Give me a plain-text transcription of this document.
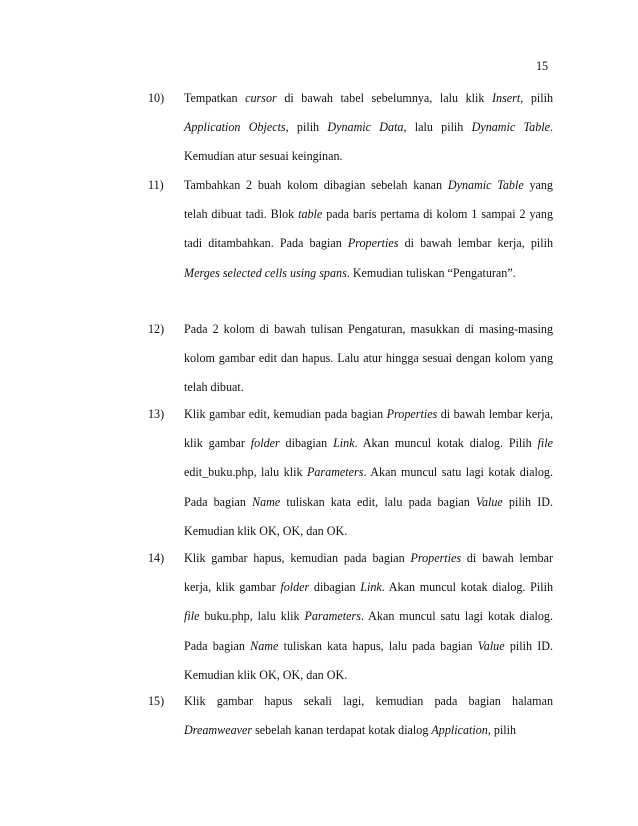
15
10) Tempatkan cursor di bawah tabel sebelumnya, lalu klik Insert, pilih Application Objects, pilih Dynamic Data, lalu pilih Dynamic Table. Kemudian atur sesuai keinginan.
11) Tambahkan 2 buah kolom dibagian sebelah kanan Dynamic Table yang telah dibuat tadi. Blok table pada baris pertama di kolom 1 sampai 2 yang tadi ditambahkan. Pada bagian Properties di bawah lembar kerja, pilih Merges selected cells using spans. Kemudian tuliskan “Pengaturan”.
12) Pada 2 kolom di bawah tulisan Pengaturan, masukkan di masing-masing kolom gambar edit dan hapus. Lalu atur hingga sesuai dengan kolom yang telah dibuat.
13) Klik gambar edit, kemudian pada bagian Properties di bawah lembar kerja, klik gambar folder dibagian Link. Akan muncul kotak dialog. Pilih file edit_buku.php, lalu klik Parameters. Akan muncul satu lagi kotak dialog. Pada bagian Name tuliskan kata edit, lalu pada bagian Value pilih ID. Kemudian klik OK, OK, dan OK.
14) Klik gambar hapus, kemudian pada bagian Properties di bawah lembar kerja, klik gambar folder dibagian Link. Akan muncul kotak dialog. Pilih file buku.php, lalu klik Parameters. Akan muncul satu lagi kotak dialog. Pada bagian Name tuliskan kata hapus, lalu pada bagian Value pilih ID. Kemudian klik OK, OK, dan OK.
15) Klik gambar hapus sekali lagi, kemudian pada bagian halaman Dreamweaver sebelah kanan terdapat kotak dialog Application, pilih
